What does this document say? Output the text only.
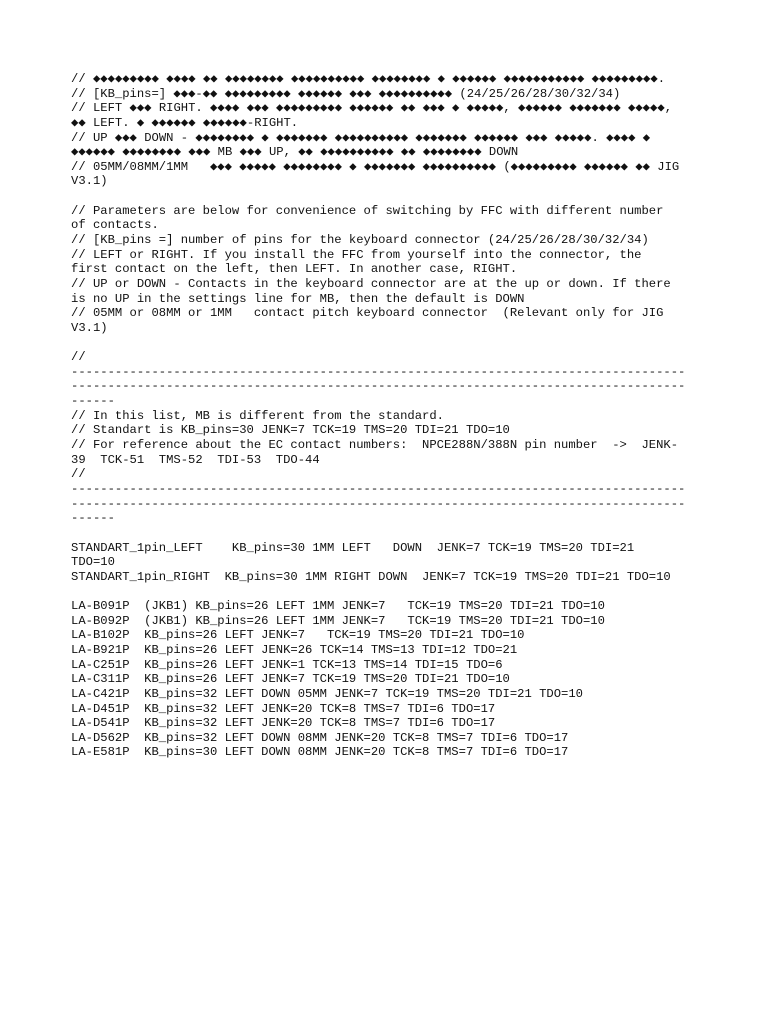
// ◆◆◆◆◆◆◆◆◆ ◆◆◆◆ ◆◆ ◆◆◆◆◆◆◆◆ ◆◆◆◆◆◆◆◆◆◆ ◆◆◆◆◆◆◆◆ ◆ ◆◆◆◆◆◆ ◆◆◆◆◆◆◆◆◆◆◆ ◆◆◆◆◆◆◆◆◆.
// [KB_pins=] ◆◆◆-◆◆ ◆◆◆◆◆◆◆◆◆ ◆◆◆◆◆◆ ◆◆◆ ◆◆◆◆◆◆◆◆◆◆ (24/25/26/28/30/32/34)
// LEFT ◆◆◆ RIGHT. ◆◆◆◆ ◆◆◆ ◆◆◆◆◆◆◆◆◆ ◆◆◆◆◆◆ ◆◆ ◆◆◆ ◆ ◆◆◆◆◆, ◆◆◆◆◆◆ ◆◆◆◆◆◆◆ ◆◆◆◆◆,
◆◆ LEFT. ◆ ◆◆◆◆◆◆ ◆◆◆◆◆◆-RIGHT.
// UP ◆◆◆ DOWN - ◆◆◆◆◆◆◆◆ ◆ ◆◆◆◆◆◆◆ ◆◆◆◆◆◆◆◆◆◆ ◆◆◆◆◆◆◆ ◆◆◆◆◆◆ ◆◆◆ ◆◆◆◆◆. ◆◆◆◆ ◆
◆◆◆◆◆◆ ◆◆◆◆◆◆◆◆ ◆◆◆ MB ◆◆◆ UP, ◆◆ ◆◆◆◆◆◆◆◆◆◆ ◆◆ ◆◆◆◆◆◆◆◆ DOWN
// 05MM/08MM/1MM   ◆◆◆ ◆◆◆◆◆ ◆◆◆◆◆◆◆◆ ◆ ◆◆◆◆◆◆◆ ◆◆◆◆◆◆◆◆◆◆ (◆◆◆◆◆◆◆◆◆ ◆◆◆◆◆◆ ◆◆ JIG
V3.1)
// Parameters are below for convenience of switching by FFC with different number
of contacts.
// [KB_pins =] number of pins for the keyboard connector (24/25/26/28/30/32/34)
// LEFT or RIGHT. If you install the FFC from yourself into the connector, the
first contact on the left, then LEFT. In another case, RIGHT.
// UP or DOWN - Contacts in the keyboard connector are at the up or down. If there
is no UP in the settings line for MB, then the default is DOWN
// 05MM or 08MM or 1MM   contact pitch keyboard connector  (Relevant only for JIG
V3.1)
//
------------------------------------------------------------------------------------
------------------------------------------------------------------------------------
------
// In this list, MB is different from the standard.
// Standart is KB_pins=30 JENK=7 TCK=19 TMS=20 TDI=21 TDO=10
// For reference about the EC contact numbers:  NPCE288N/388N pin number  ->  JENK-
39  TCK-51  TMS-52  TDI-53  TDO-44
//
------------------------------------------------------------------------------------
------------------------------------------------------------------------------------
------
STANDART_1pin_LEFT    KB_pins=30 1MM LEFT   DOWN  JENK=7 TCK=19 TMS=20 TDI=21
TDO=10
STANDART_1pin_RIGHT  KB_pins=30 1MM RIGHT DOWN  JENK=7 TCK=19 TMS=20 TDI=21 TDO=10
LA-B091P  (JKB1) KB_pins=26 LEFT 1MM JENK=7   TCK=19 TMS=20 TDI=21 TDO=10
LA-B092P  (JKB1) KB_pins=26 LEFT 1MM JENK=7   TCK=19 TMS=20 TDI=21 TDO=10
LA-B102P  KB_pins=26 LEFT JENK=7   TCK=19 TMS=20 TDI=21 TDO=10
LA-B921P  KB_pins=26 LEFT JENK=26 TCK=14 TMS=13 TDI=12 TDO=21
LA-C251P  KB_pins=26 LEFT JENK=1 TCK=13 TMS=14 TDI=15 TDO=6
LA-C311P  KB_pins=26 LEFT JENK=7 TCK=19 TMS=20 TDI=21 TDO=10
LA-C421P  KB_pins=32 LEFT DOWN 05MM JENK=7 TCK=19 TMS=20 TDI=21 TDO=10
LA-D451P  KB_pins=32 LEFT JENK=20 TCK=8 TMS=7 TDI=6 TDO=17
LA-D541P  KB_pins=32 LEFT JENK=20 TCK=8 TMS=7 TDI=6 TDO=17
LA-D562P  KB_pins=32 LEFT DOWN 08MM JENK=20 TCK=8 TMS=7 TDI=6 TDO=17
LA-E581P  KB_pins=30 LEFT DOWN 08MM JENK=20 TCK=8 TMS=7 TDI=6 TDO=17
